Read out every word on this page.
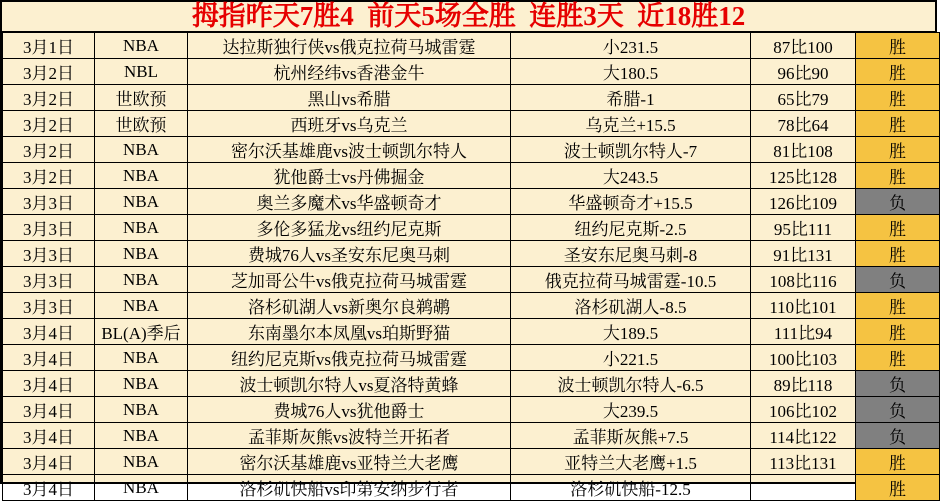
拇指昨天7胜4  前天5场全胜  连胜3天  近18胜12
3月1日	NBA	达拉斯独行侠vs俄克拉荷马城雷霆	小231.5	87比100	胜
3月2日	NBL	杭州经纬vs香港金牛	大180.5	96比90	胜
3月2日	世欧预	黑山vs希腊	希腊-1	65比79	胜
3月2日	世欧预	西班牙vs乌克兰	乌克兰+15.5	78比64	胜
3月2日	NBA	密尔沃基雄鹿vs波士顿凯尔特人	波士顿凯尔特人-7	81比108	胜
3月2日	NBA	犹他爵士vs丹佛掘金	大243.5	125比128	胜
3月3日	NBA	奥兰多魔术vs华盛顿奇才	华盛顿奇才+15.5	126比109	负
3月3日	NBA	多伦多猛龙vs纽约尼克斯	纽约尼克斯-2.5	95比111	胜
3月3日	NBA	费城76人vs圣安东尼奥马刺	圣安东尼奥马刺-8	91比131	胜
3月3日	NBA	芝加哥公牛vs俄克拉荷马城雷霆	俄克拉荷马城雷霆-10.5	108比116	负
3月3日	NBA	洛杉矶湖人vs新奥尔良鹈鹕	洛杉矶湖人-8.5	110比101	胜
3月4日	BL(A)季后	东南墨尔本凤凰vs珀斯野猫	大189.5	111比94	胜
3月4日	NBA	纽约尼克斯vs俄克拉荷马城雷霆	小221.5	100比103	胜
3月4日	NBA	波士顿凯尔特人vs夏洛特黄蜂	波士顿凯尔特人-6.5	89比118	负
3月4日	NBA	费城76人vs犹他爵士	大239.5	106比102	负
3月4日	NBA	孟菲斯灰熊vs波特兰开拓者	孟菲斯灰熊+7.5	114比122	负
3月4日	NBA	密尔沃基雄鹿vs亚特兰大老鹰	亚特兰大老鹰+1.5	113比131	胜
3月4日	NBA	洛杉矶快船vs印第安纳步行者	洛杉矶快船-12.5		胜
